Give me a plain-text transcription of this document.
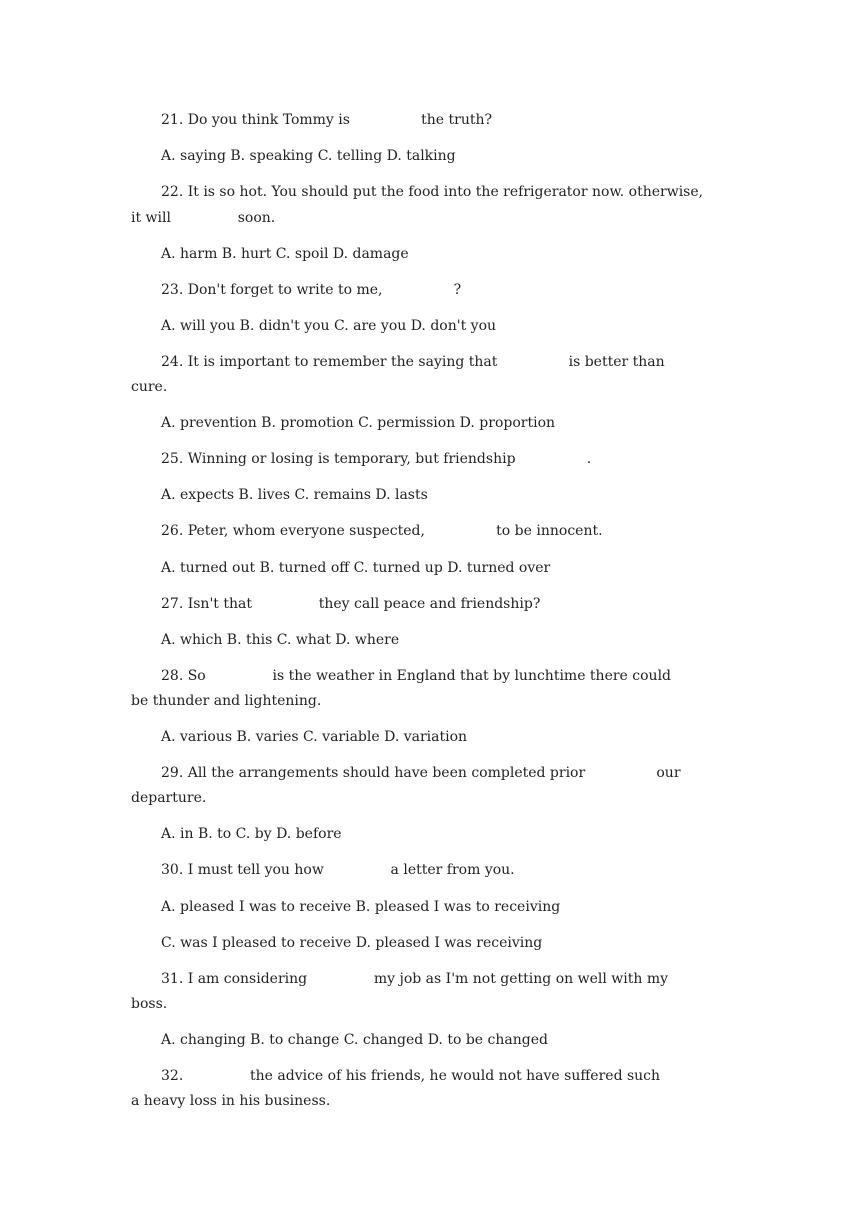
21. Do you think Tommy is                the truth?

A. saying B. speaking C. telling D. talking

22. It is so hot. You should put the food into the refrigerator now. otherwise,

it will               soon.

A. harm B. hurt C. spoil D. damage

23. Don't forget to write to me,                ?

A. will you B. didn't you C. are you D. don't you

24. It is important to remember the saying that                is better than

cure.

A. prevention B. promotion C. permission D. proportion

25. Winning or losing is temporary, but friendship                .

A. expects B. lives C. remains D. lasts

26. Peter, whom everyone suspected,                to be innocent.

A. turned out B. turned off C. turned up D. turned over

27. Isn't that               they call peace and friendship?

A. which B. this C. what D. where

28. So               is the weather in England that by lunchtime there could

be thunder and lightening.

A. various B. varies C. variable D. variation

29. All the arrangements should have been completed prior                our

departure.

A. in B. to C. by D. before

30. I must tell you how               a letter from you.

A. pleased I was to receive B. pleased I was to receiving

C. was I pleased to receive D. pleased I was receiving

31. I am considering               my job as I'm not getting on well with my

boss.

A. changing B. to change C. changed D. to be changed

32.               the advice of his friends, he would not have suffered such

a heavy loss in his business.
